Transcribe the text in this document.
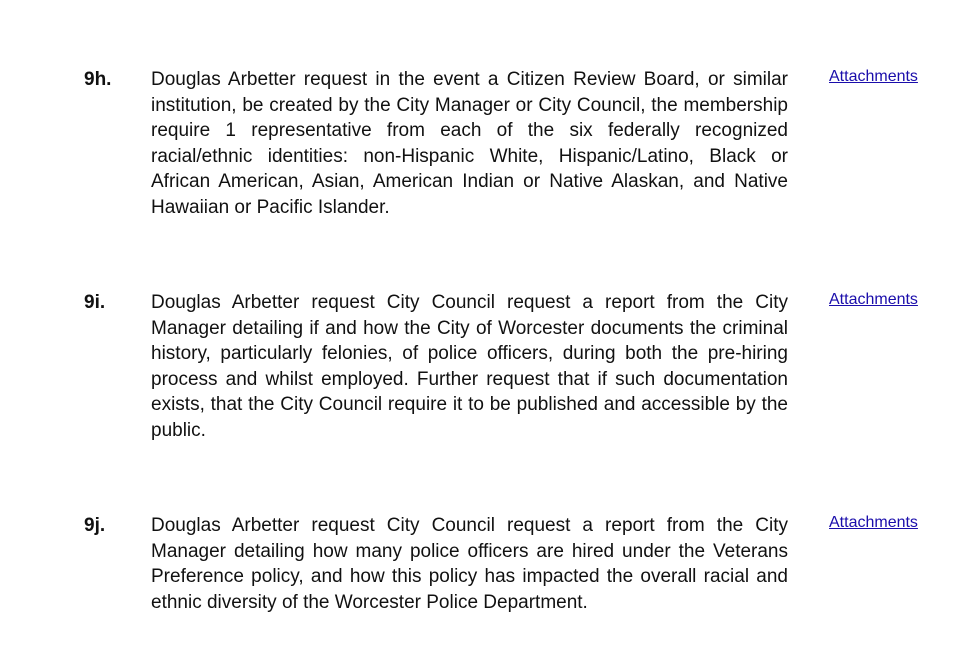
9h. Douglas Arbetter request in the event a Citizen Review Board, or similar institution, be created by the City Manager or City Council, the membership require 1 representative from each of the six federally recognized racial/ethnic identities: non-Hispanic White, Hispanic/Latino, Black or African American, Asian, American Indian or Native Alaskan, and Native Hawaiian or Pacific Islander.

Attachments
9i. Douglas Arbetter request City Council request a report from the City Manager detailing if and how the City of Worcester documents the criminal history, particularly felonies, of police officers, during both the pre-hiring process and whilst employed. Further request that if such documentation exists, that the City Council require it to be published and accessible by the public.

Attachments
9j. Douglas Arbetter request City Council request a report from the City Manager detailing how many police officers are hired under the Veterans Preference policy, and how this policy has impacted the overall racial and ethnic diversity of the Worcester Police Department.

Attachments
